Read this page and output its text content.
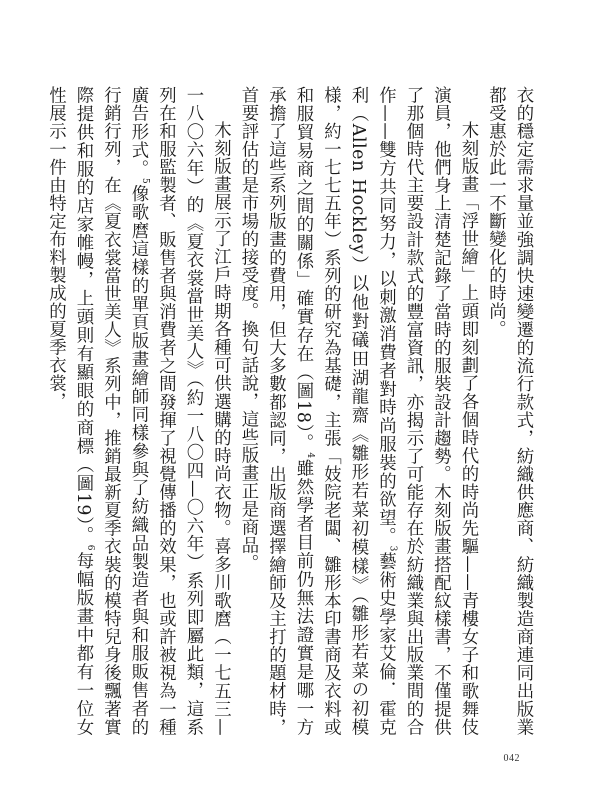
衣的穩定需求量並強調快速變遷的流行款式，紡織供應商、紡織製造商連同出版業都受惠於此一不斷變化的時尚。

木刻版畫「浮世繪」上頭即刻劃了各個時代的時尚先驅——青樓女子和歌舞伎演員，他們身上清楚記錄了當時的服裝設計趨勢。木刻版畫搭配紋樣書，不僅提供了那個時代主要設計款式的豐富資訊，亦揭示了可能存在於紡織業與出版業間的合作——雙方共同努力，以刺激消費者對時尚服裝的欲望。$^3$藝術史學家艾倫．霍克利（Allen Hockley）以他對礒田湖龍齋《雛形若菜初模樣》（雛形若菜の初模様，約一七七五年）系列的研究為基礎，主張「妓院老闆、雛形本印書商及衣料或和服貿易商之間的關係」確實存在（圖18）。$^4$雖然學者目前仍無法證實是哪一方承擔了這些系列版畫的費用，但大多數都認同，出版商選擇繪師及主打的題材時，首要評估的是市場的接受度。換句話說，這些版畫正是商品。

木刻版畫展示了江戶時期各種可供選購的時尚衣物。喜多川歌麿（一七五三—一八〇六年）的《夏衣裳當世美人》（約一八〇四—〇六年）系列即屬此類，這系列在和服監製者、販售者與消費者之間發揮了視覺傳播的效果，也或許被視為一種廣告形式。$^5$像歌麿這樣的單頁版畫繪師同樣參與了紡織品製造者與和服販售者的行銷行列，在《夏衣裳當世美人》系列中，推銷最新夏季衣裝的模特兒身後飄著實際提供和服的店家帷幔，上頭則有顯眼的商標（圖19）。$^6$每幅版畫中都有一位女性展示一件由特定布料製成的夏季衣裳，

042
